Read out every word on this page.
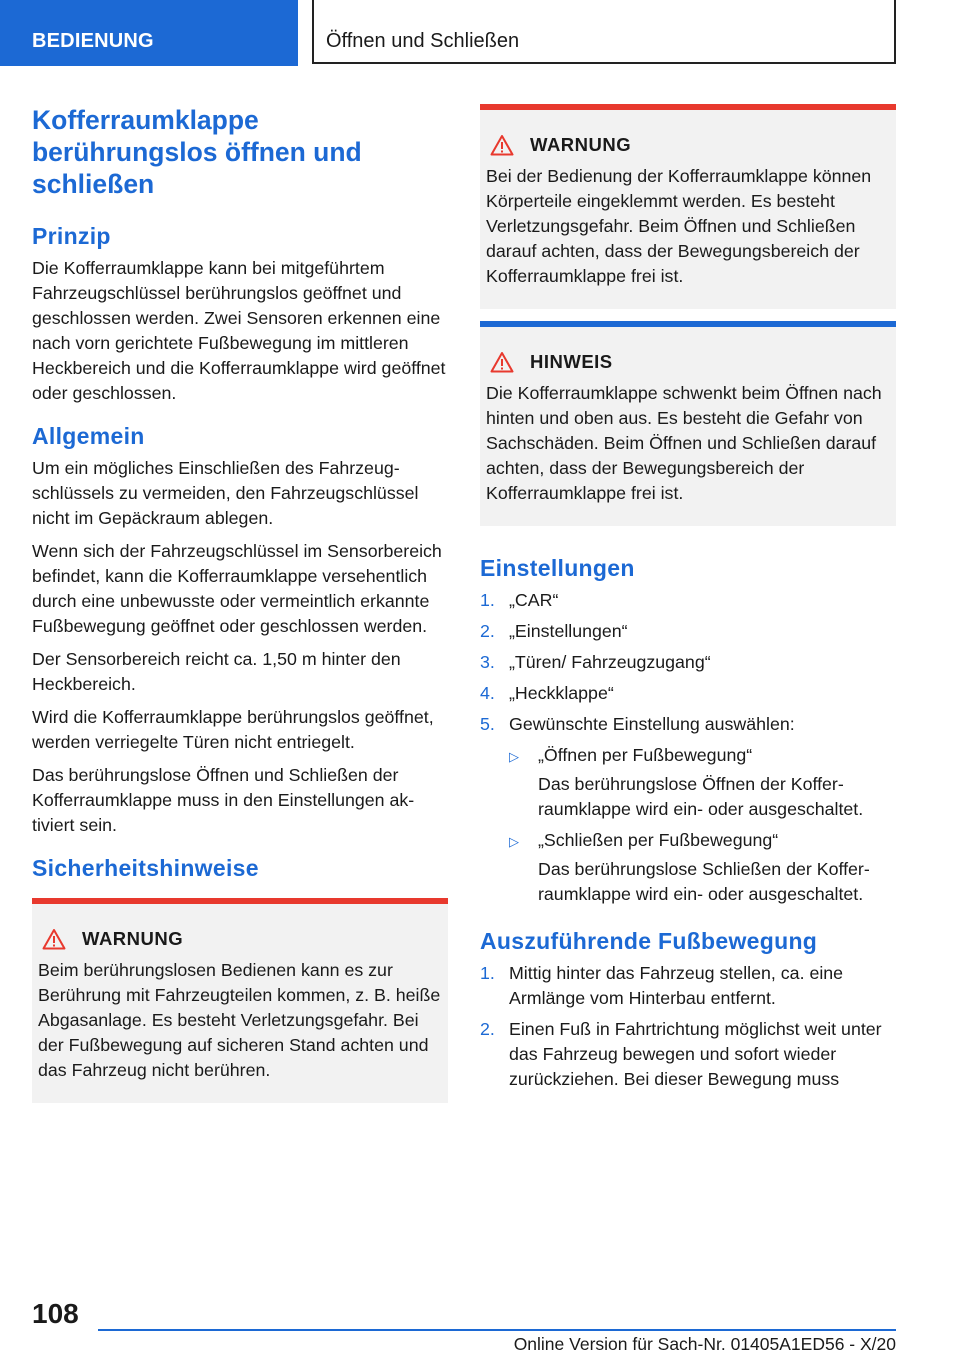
BEDIENUNG	Öffnen und Schließen
Kofferraumklappe berührungslos öffnen und schließen
Prinzip

Die Kofferraumklappe kann bei mitgeführtem Fahrzeugschlüssel berührungslos geöffnet und geschlossen werden. Zwei Sensoren erkennen eine nach vorn gerichtete Fußbewegung im mittleren Heckbereich und die Kofferraumklappe wird geöffnet oder geschlossen.

Allgemein

Um ein mögliches Einschließen des Fahrzeugschlüssels zu vermeiden, den Fahrzeugschlüssel nicht im Gepäckraum ablegen.

Wenn sich der Fahrzeugschlüssel im Sensorbereich befindet, kann die Kofferraumklappe versehentlich durch eine unbewusste oder vermeintlich erkannte Fußbewegung geöffnet oder geschlossen werden.

Der Sensorbereich reicht ca. 1,50 m hinter den Heckbereich.

Wird die Kofferraumklappe berührungslos geöffnet, werden verriegelte Türen nicht entriegelt.

Das berührungslose Öffnen und Schließen der Kofferraumklappe muss in den Einstellungen aktiviert sein.

Sicherheitshinweise
WARNUNG

Beim berührungslosen Bedienen kann es zur Berührung mit Fahrzeugteilen kommen, z. B. heiße Abgasanlage. Es besteht Verletzungsgefahr. Bei der Fußbewegung auf sicheren Stand achten und das Fahrzeug nicht berühren.

WARNUNG

Bei der Bedienung der Kofferraumklappe können Körperteile eingeklemmt werden. Es besteht Verletzungsgefahr. Beim Öffnen und Schließen darauf achten, dass der Bewegungsbereich der Kofferraumklappe frei ist.

HINWEIS

Die Kofferraumklappe schwenkt beim Öffnen nach hinten und oben aus. Es besteht die Gefahr von Sachschäden. Beim Öffnen und Schließen darauf achten, dass der Bewegungsbereich der Kofferraumklappe frei ist.

Einstellungen
1. „CAR“
2. „Einstellungen“
3. „Türen/ Fahrzeugzugang“
4. „Heckklappe“
5. Gewünschte Einstellung auswählen:
▷	„Öffnen per Fußbewegung“
Das berührungslose Öffnen der Kofferraumklappe wird ein- oder ausgeschaltet.
▷	„Schließen per Fußbewegung“
Das berührungslose Schließen der Kofferraumklappe wird ein- oder ausgeschaltet.
Auszuführende Fußbewegung
1. Mittig hinter das Fahrzeug stellen, ca. eine Armlänge vom Hinterbau entfernt.
2. Einen Fuß in Fahrtrichtung möglichst weit unter das Fahrzeug bewegen und sofort wieder zurückziehen. Bei dieser Bewegung muss
108
Online Version für Sach-Nr. 01405A1ED56 - X/20
